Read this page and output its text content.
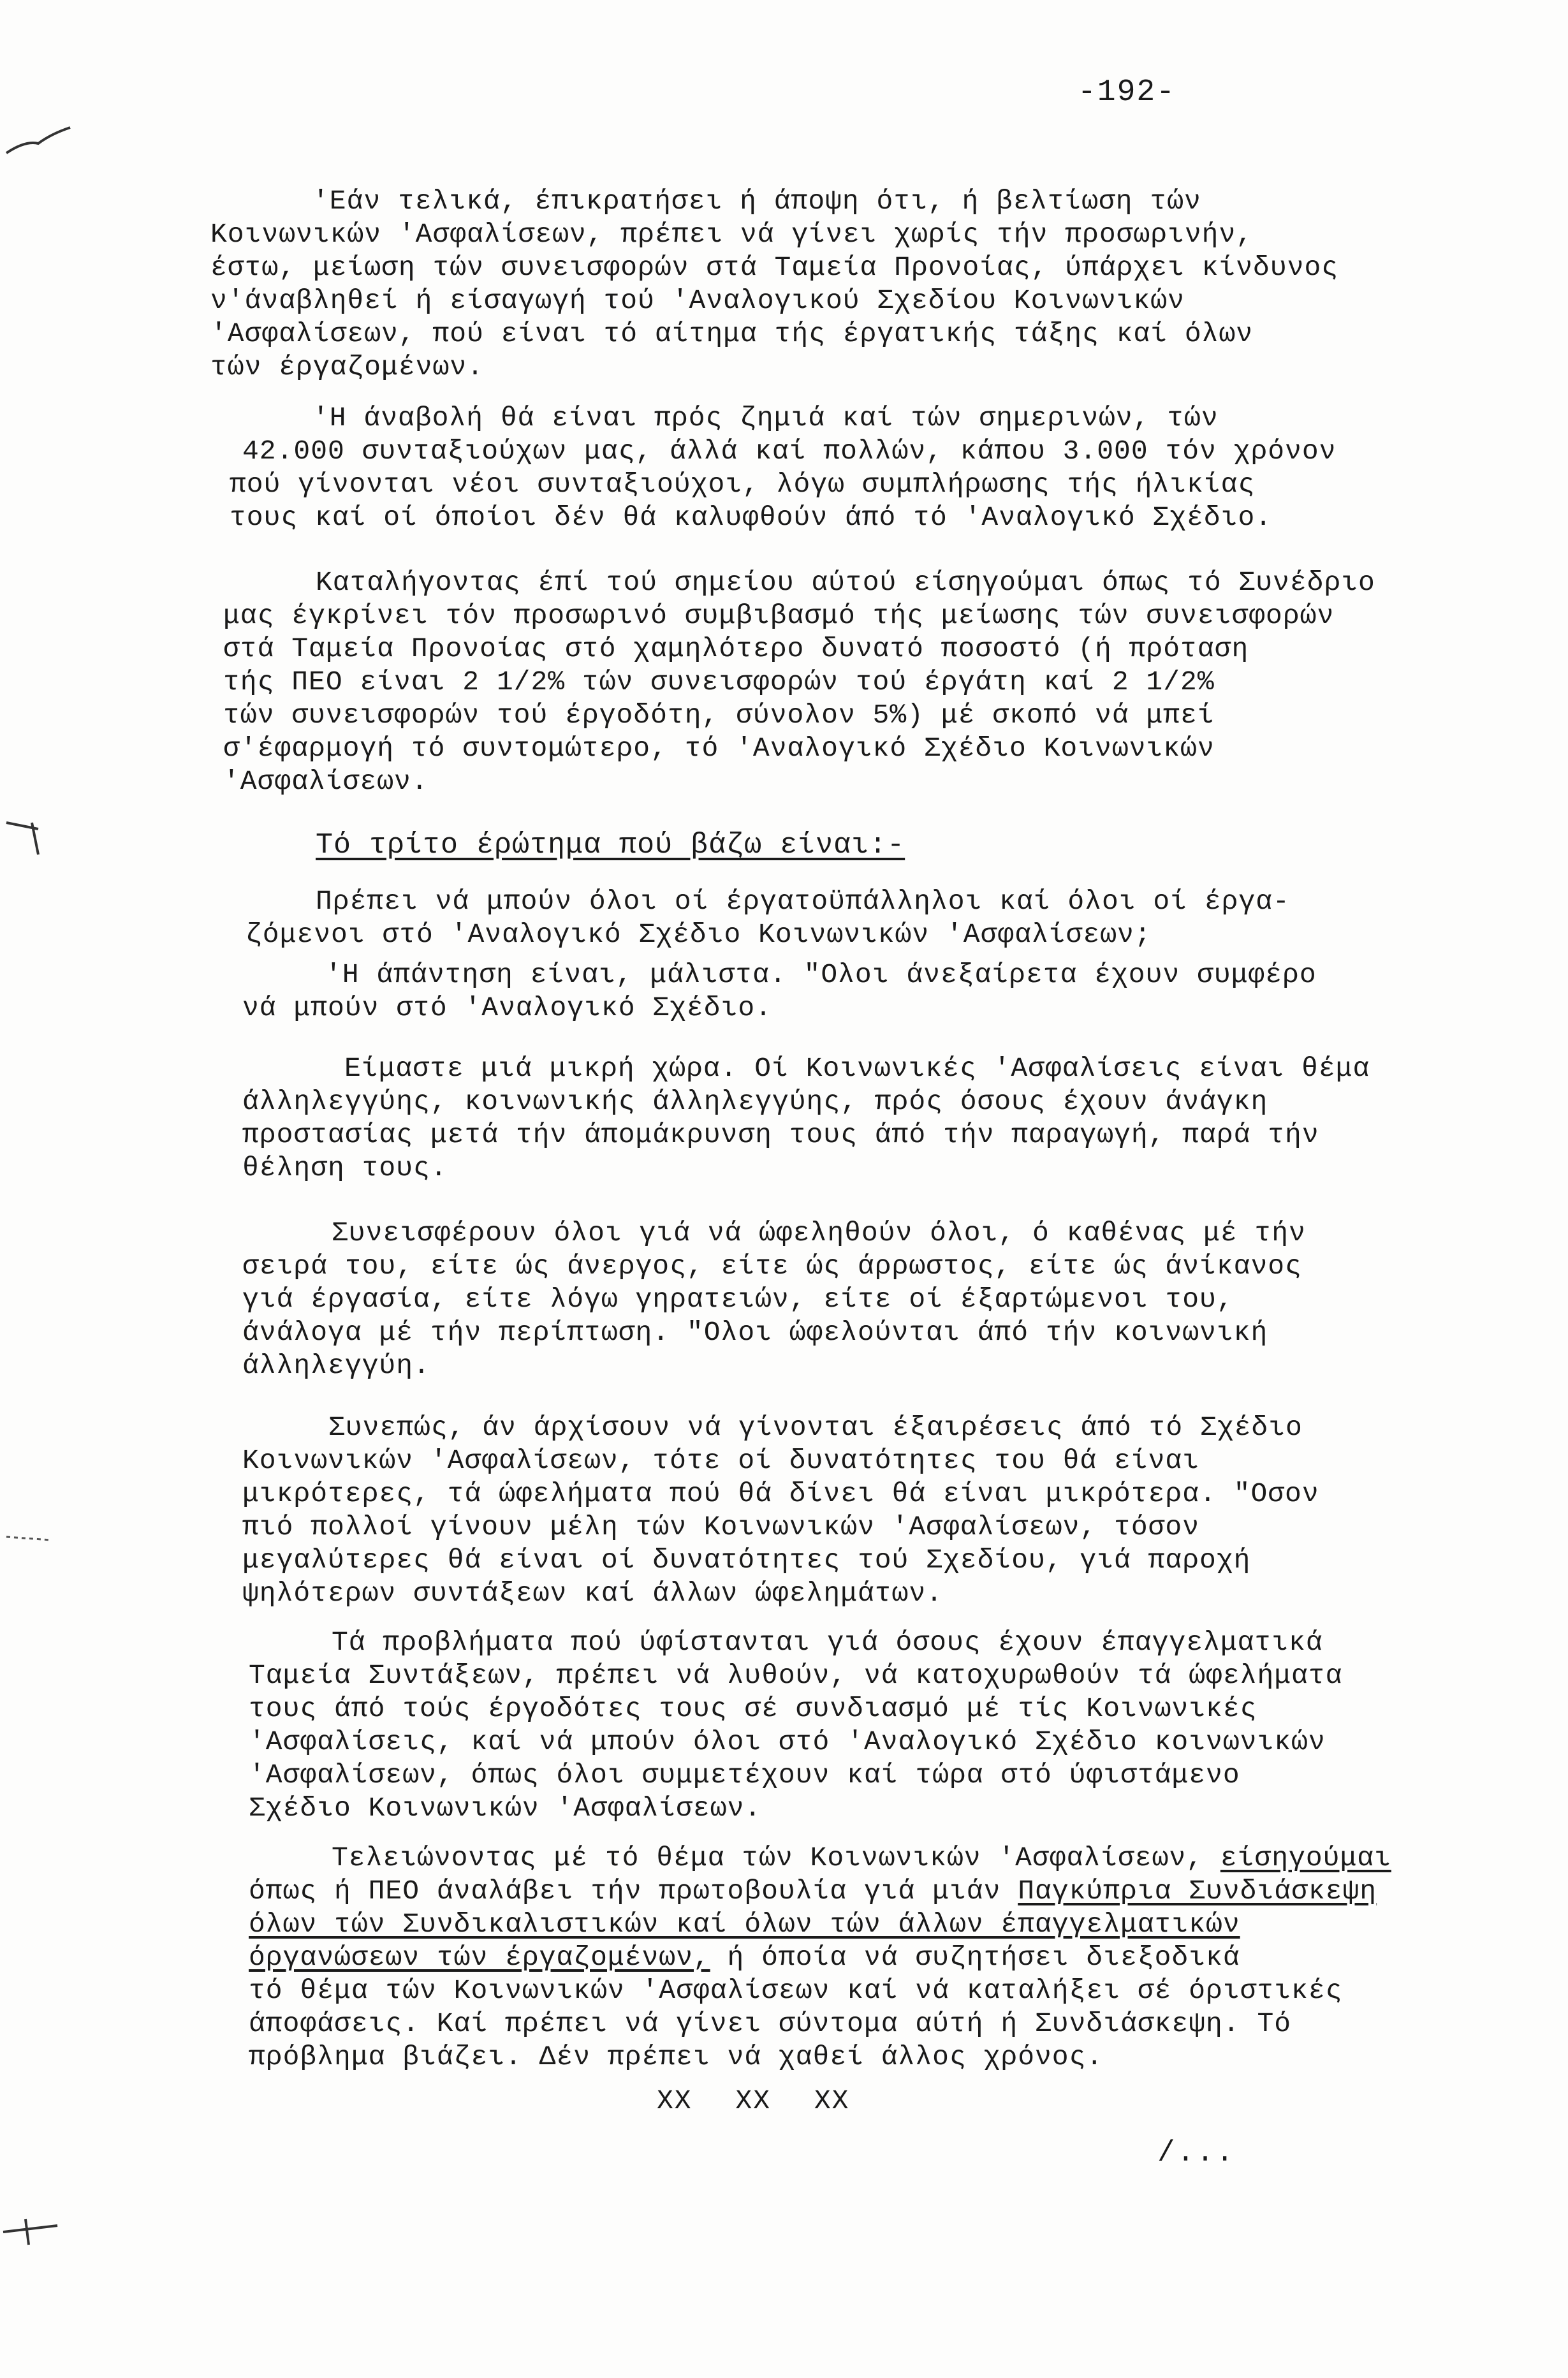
-192-
'Εάν τελικά, έπικρατήσει ή άποψη ότι, ή βελτίωση τών
Κοινωνικών 'Ασφαλίσεων, πρέπει νά γίνει χωρίς τήν προσωρινήν,
έστω, μείωση τών συνεισφορών στά Ταμεία Προνοίας, ύπάρχει κίνδυνος
ν'άναβληθεί ή είσαγωγή τού 'Αναλογικού Σχεδίου Κοινωνικών
'Ασφαλίσεων, πού είναι τό αίτημα τής έργατικής τάξης καί όλων
τών έργαζομένων.
'Η άναβολή θά είναι πρός ζημιά καί τών σημερινών, τών
42.000 συνταξιούχων μας, άλλά καί πολλών, κάπου 3.000 τόν χρόνον
πού γίνονται νέοι συνταξιούχοι, λόγω συμπλήρωσης τής ήλικίας
τους καί οί όποίοι δέν θά καλυφθούν άπό τό 'Αναλογικό Σχέδιο.
Καταλήγοντας έπί τού σημείου αύτού είσηγούμαι όπως τό Συνέδριο
μας έγκρίνει τόν προσωρινό συμβιβασμό τής μείωσης τών συνεισφορών
στά Ταμεία Προνοίας στό χαμηλότερο δυνατό ποσοστό (ή πρόταση
τής ΠΕΟ είναι 2 1/2% τών συνεισφορών τού έργάτη καί 2 1/2%
τών συνεισφορών τού έργοδότη, σύνολον 5%) μέ σκοπό νά μπεί
σ'έφαρμογή τό συντομώτερο, τό 'Αναλογικό Σχέδιο Κοινωνικών
'Ασφαλίσεων.
Τό τρίτο έρώτημα πού βάζω είναι:-
Πρέπει νά μπούν όλοι οί έργατοϋπάλληλοι καί όλοι οί έργα-
ζόμενοι στό 'Αναλογικό Σχέδιο Κοινωνικών 'Ασφαλίσεων;
'Η άπάντηση είναι, μάλιστα. "Ολοι άνεξαίρετα έχουν συμφέρο
νά μπούν στό 'Αναλογικό Σχέδιο.
Είμαστε μιά μικρή χώρα. Οί Κοινωνικές 'Ασφαλίσεις είναι θέμα
άλληλεγγύης, κοινωνικής άλληλεγγύης, πρός όσους έχουν άνάγκη
προστασίας μετά τήν άπομάκρυνση τους άπό τήν παραγωγή, παρά τήν
θέληση τους.
Συνεισφέρουν όλοι γιά νά ώφεληθούν όλοι, ό καθένας μέ τήν
σειρά του, είτε ώς άνεργος, είτε ώς άρρωστος, είτε ώς άνίκανος
γιά έργασία, είτε λόγω γηρατειών, είτε οί έξαρτώμενοι του,
άνάλογα μέ τήν περίπτωση. "Ολοι ώφελούνται άπό τήν κοινωνική
άλληλεγγύη.
Συνεπώς, άν άρχίσουν νά γίνονται έξαιρέσεις άπό τό Σχέδιο
Κοινωνικών 'Ασφαλίσεων, τότε οί δυνατότητες του θά είναι
μικρότερες, τά ώφελήματα πού θά δίνει θά είναι μικρότερα. "Οσον
πιό πολλοί γίνουν μέλη τών Κοινωνικών 'Ασφαλίσεων, τόσον
μεγαλύτερες θά είναι οί δυνατότητες τού Σχεδίου, γιά παροχή
ψηλότερων συντάξεων καί άλλων ώφελημάτων.
Τά προβλήματα πού ύφίστανται γιά όσους έχουν έπαγγελματικά
Ταμεία Συντάξεων, πρέπει νά λυθούν, νά κατοχυρωθούν τά ώφελήματα
τους άπό τούς έργοδότες τους σέ συνδιασμό μέ τίς Κοινωνικές
'Ασφαλίσεις, καί νά μπούν όλοι στό 'Αναλογικό Σχέδιο κοινωνικών
'Ασφαλίσεων, όπως όλοι συμμετέχουν καί τώρα στό ύφιστάμενο
Σχέδιο Κοινωνικών 'Ασφαλίσεων.
Τελειώνοντας μέ τό θέμα τών Κοινωνικών 'Ασφαλίσεων, είσηγούμαι
όπως ή ΠΕΟ άναλάβει τήν πρωτοβουλία γιά μιάν Παγκύπρια Συνδιάσκεψη
όλων τών Συνδικαλιστικών καί όλων τών άλλων έπαγγελματικών
όργανώσεων τών έργαζομένων, ή όποία νά συζητήσει διεξοδικά
τό θέμα τών Κοινωνικών 'Ασφαλίσεων καί νά καταλήξει σέ όριστικές
άποφάσεις. Καί πρέπει νά γίνει σύντομα αύτή ή Συνδιάσκεψη. Τό
πρόβλημα βιάζει. Δέν πρέπει νά χαθεί άλλος χρόνος.
XX XX XX
/...
